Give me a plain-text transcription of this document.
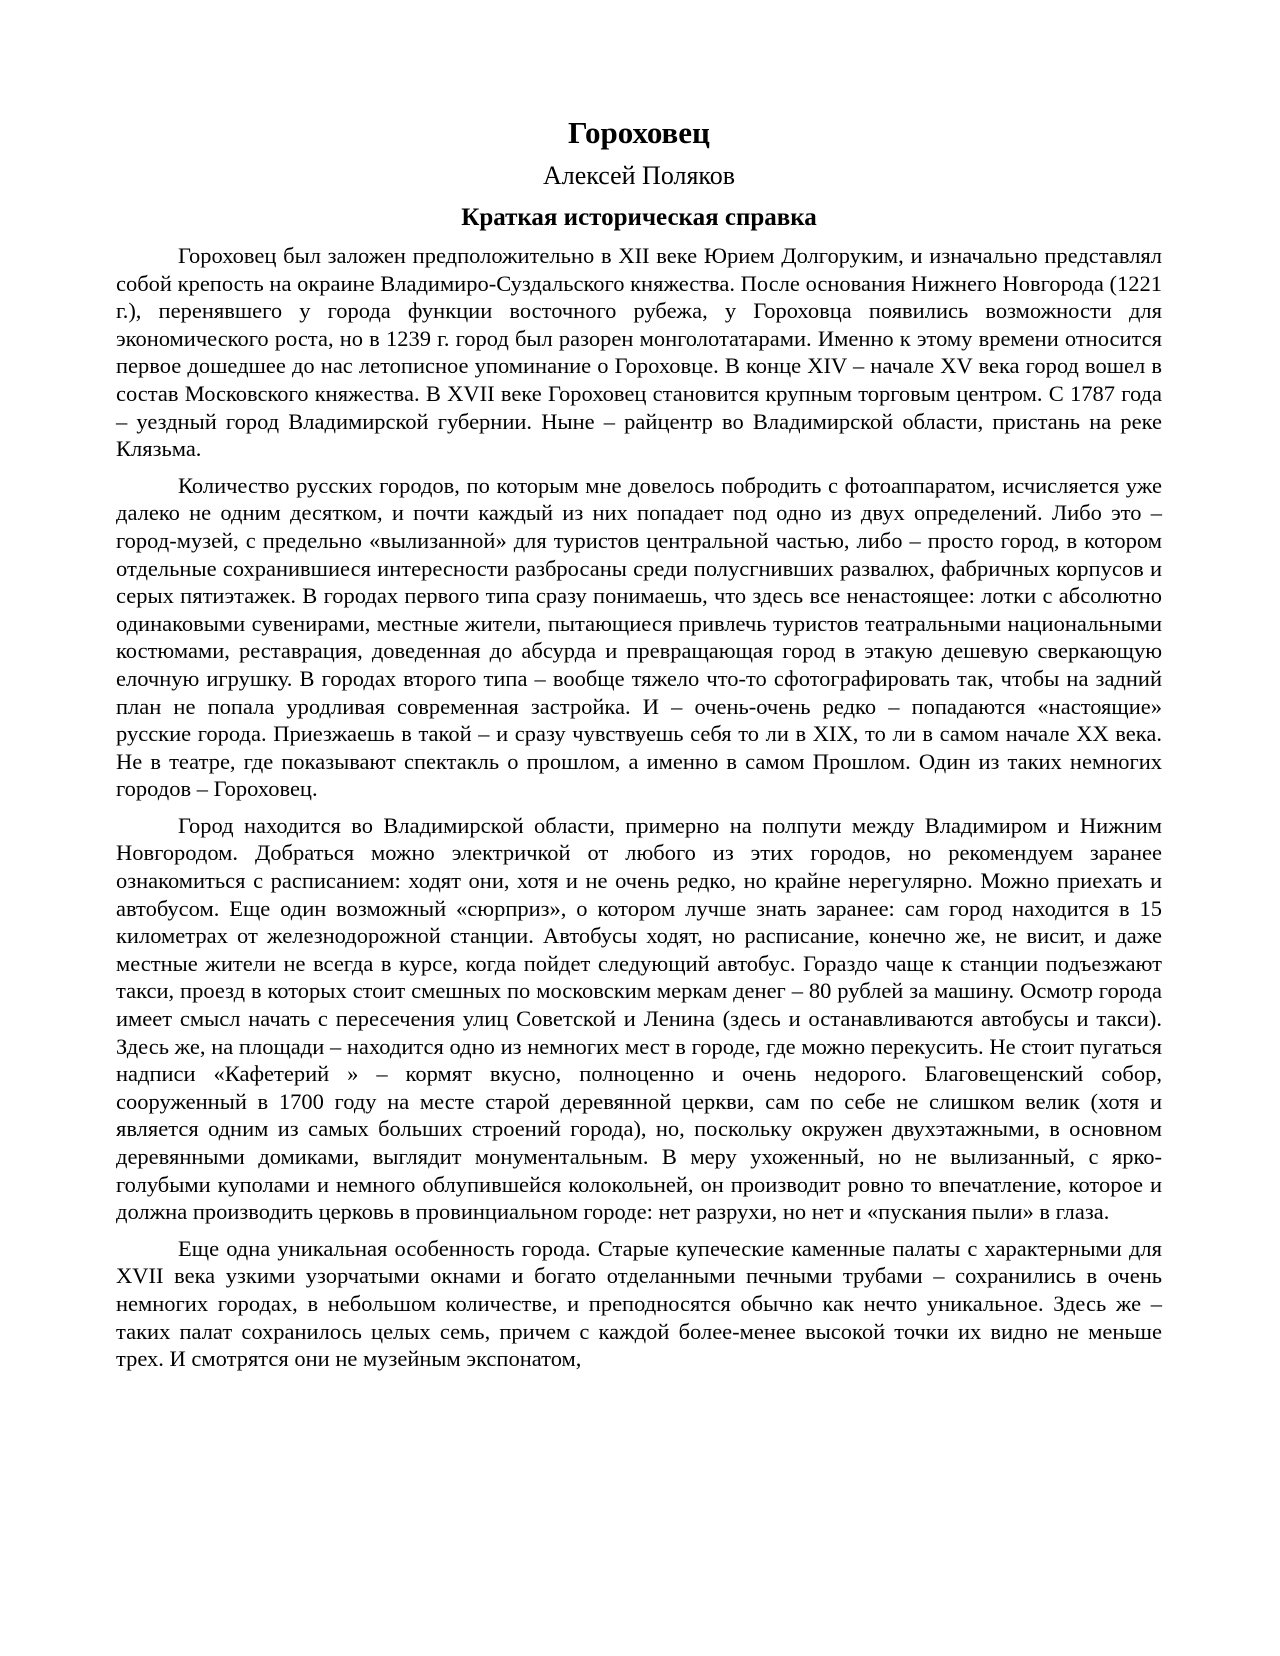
Гороховец

Алексей Поляков

Краткая историческая справка

Гороховец был заложен предположительно в XII веке Юрием Долгоруким, и изначально представлял собой крепость на окраине Владимиро-Суздальского княжества. После основания Нижнего Новгорода (1221 г.), перенявшего у города функции восточного рубежа, у Гороховца появились возможности для экономического роста, но в 1239 г. город был разорен монголотатарами. Именно к этому времени относится первое дошедшее до нас летописное упоминание о Гороховце. В конце XIV – начале XV века город вошел в состав Московского княжества. В XVII веке Гороховец становится крупным торговым центром. С 1787 года – уездный город Владимирской губернии. Ныне – райцентр во Владимирской области, пристань на реке Клязьма.

Количество русских городов, по которым мне довелось побродить с фотоаппаратом, исчисляется уже далеко не одним десятком, и почти каждый из них попадает под одно из двух определений. Либо это – город-музей, с предельно «вылизанной» для туристов центральной частью, либо – просто город, в котором отдельные сохранившиеся интересности разбросаны среди полусгнивших развалюх, фабричных корпусов и серых пятиэтажек. В городах первого типа сразу понимаешь, что здесь все ненастоящее: лотки с абсолютно одинаковыми сувенирами, местные жители, пытающиеся привлечь туристов театральными национальными костюмами, реставрация, доведенная до абсурда и превращающая город в этакую дешевую сверкающую елочную игрушку. В городах второго типа – вообще тяжело что-то сфотографировать так, чтобы на задний план не попала уродливая современная застройка. И – очень-очень редко – попадаются «настоящие» русские города. Приезжаешь в такой – и сразу чувствуешь себя то ли в XIX, то ли в самом начале XX века. Не в театре, где показывают спектакль о прошлом, а именно в самом Прошлом. Один из таких немногих городов – Гороховец.

Город находится во Владимирской области, примерно на полпути между Владимиром и Нижним Новгородом. Добраться можно электричкой от любого из этих городов, но рекомендуем заранее ознакомиться с расписанием: ходят они, хотя и не очень редко, но крайне нерегулярно. Можно приехать и автобусом. Еще один возможный «сюрприз», о котором лучше знать заранее: сам город находится в 15 километрах от железнодорожной станции. Автобусы ходят, но расписание, конечно же, не висит, и даже местные жители не всегда в курсе, когда пойдет следующий автобус. Гораздо чаще к станции подъезжают такси, проезд в которых стоит смешных по московским меркам денег – 80 рублей за машину. Осмотр города имеет смысл начать с пересечения улиц Советской и Ленина (здесь и останавливаются автобусы и такси). Здесь же, на площади – находится одно из немногих мест в городе, где можно перекусить. Не стоит пугаться надписи «Кафетерий » – кормят вкусно, полноценно и очень недорого. Благовещенский собор, сооруженный в 1700 году на месте старой деревянной церкви, сам по себе не слишком велик (хотя и является одним из самых больших строений города), но, поскольку окружен двухэтажными, в основном деревянными домиками, выглядит монументальным. В меру ухоженный, но не вылизанный, с ярко-голубыми куполами и немного облупившейся колокольней, он производит ровно то впечатление, которое и должна производить церковь в провинциальном городе: нет разрухи, но нет и «пускания пыли» в глаза.

Еще одна уникальная особенность города. Старые купеческие каменные палаты с характерными для XVII века узкими узорчатыми окнами и богато отделанными печными трубами – сохранились в очень немногих городах, в небольшом количестве, и преподносятся обычно как нечто уникальное. Здесь же – таких палат сохранилось целых семь, причем с каждой более-менее высокой точки их видно не меньше трех. И смотрятся они не музейным экспонатом,
